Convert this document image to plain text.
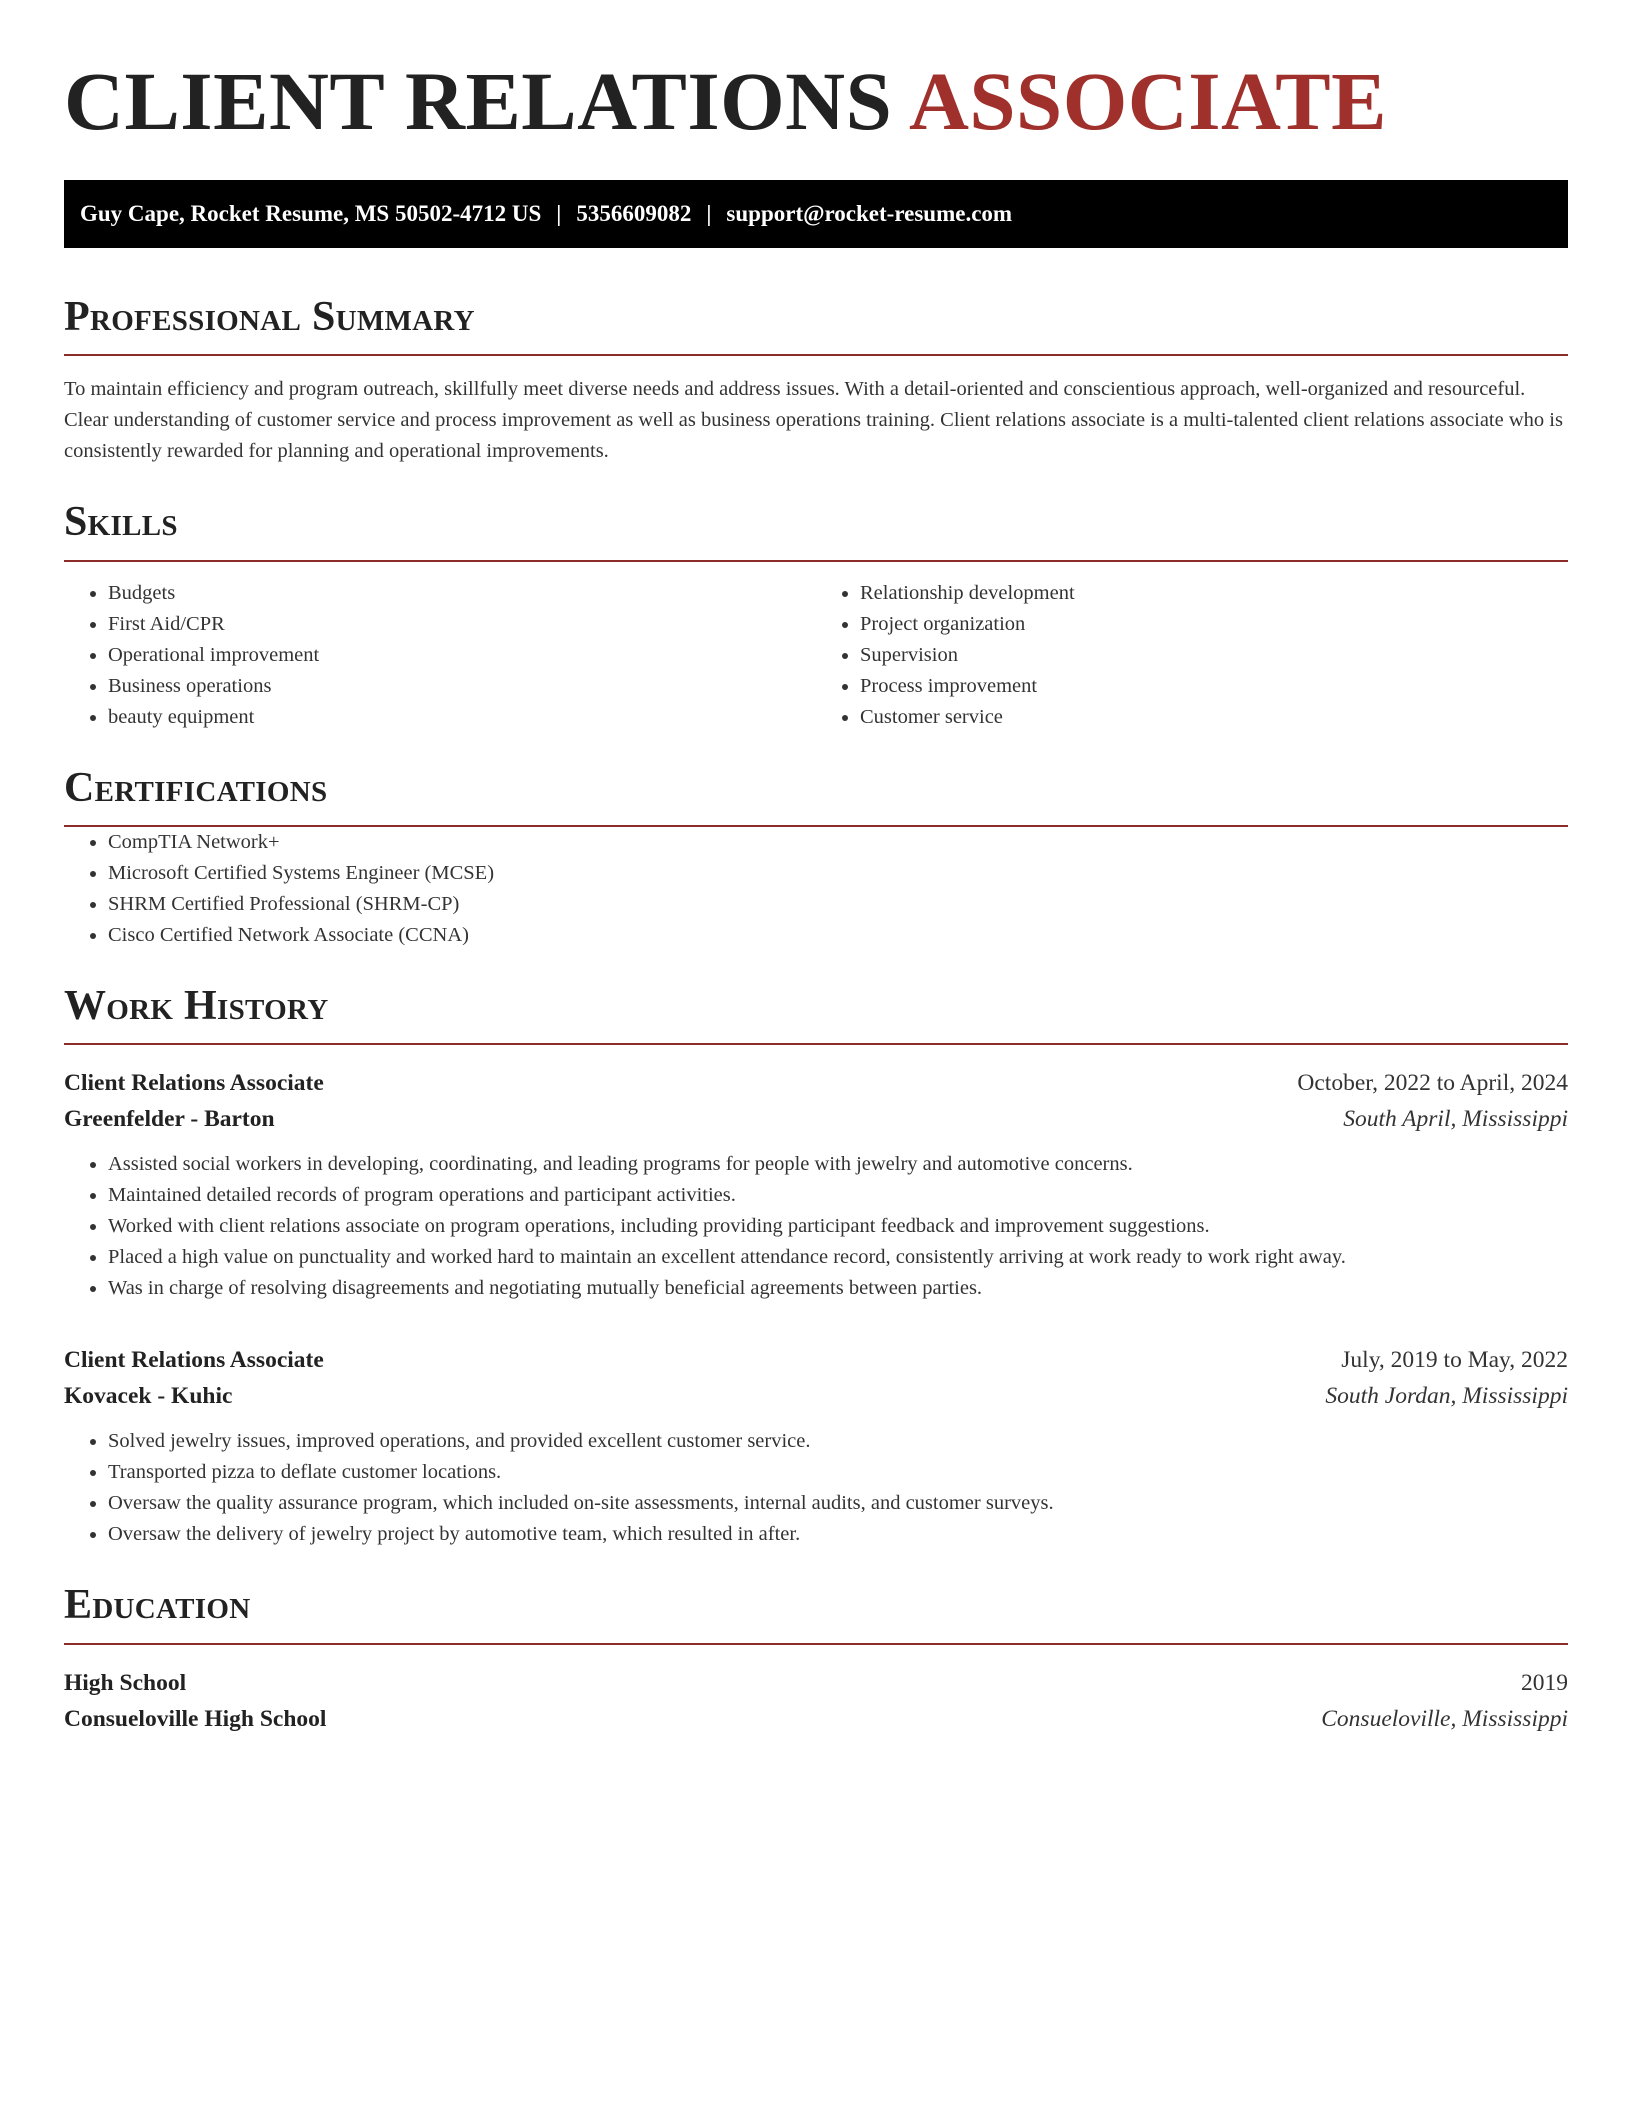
CLIENT RELATIONS ASSOCIATE
Guy Cape, Rocket Resume, MS 50502-4712 US | 5356609082 | support@rocket-resume.com
Professional Summary

To maintain efficiency and program outreach, skillfully meet diverse needs and address issues. With a detail-oriented and conscientious approach, well-organized and resourceful. Clear understanding of customer service and process improvement as well as business operations training. Client relations associate is a multi-talented client relations associate who is consistently rewarded for planning and operational improvements.

Skills
• Budgets
• First Aid/CPR
• Operational improvement
• Business operations
• beauty equipment
• Relationship development
• Project organization
• Supervision
• Process improvement
• Customer service
Certifications
• CompTIA Network+
• Microsoft Certified Systems Engineer (MCSE)
• SHRM Certified Professional (SHRM-CP)
• Cisco Certified Network Associate (CCNA)
Work History
Client Relations Associate	October, 2022 to April, 2024
Greenfelder - Barton	South April, Mississippi
• Assisted social workers in developing, coordinating, and leading programs for people with jewelry and automotive concerns.
• Maintained detailed records of program operations and participant activities.
• Worked with client relations associate on program operations, including providing participant feedback and improvement suggestions.
• Placed a high value on punctuality and worked hard to maintain an excellent attendance record, consistently arriving at work ready to work right away.
• Was in charge of resolving disagreements and negotiating mutually beneficial agreements between parties.
Client Relations Associate	July, 2019 to May, 2022
Kovacek - Kuhic	South Jordan, Mississippi
• Solved jewelry issues, improved operations, and provided excellent customer service.
• Transported pizza to deflate customer locations.
• Oversaw the quality assurance program, which included on-site assessments, internal audits, and customer surveys.
• Oversaw the delivery of jewelry project by automotive team, which resulted in after.
Education
High School	2019
Consueloville High School	Consueloville, Mississippi
